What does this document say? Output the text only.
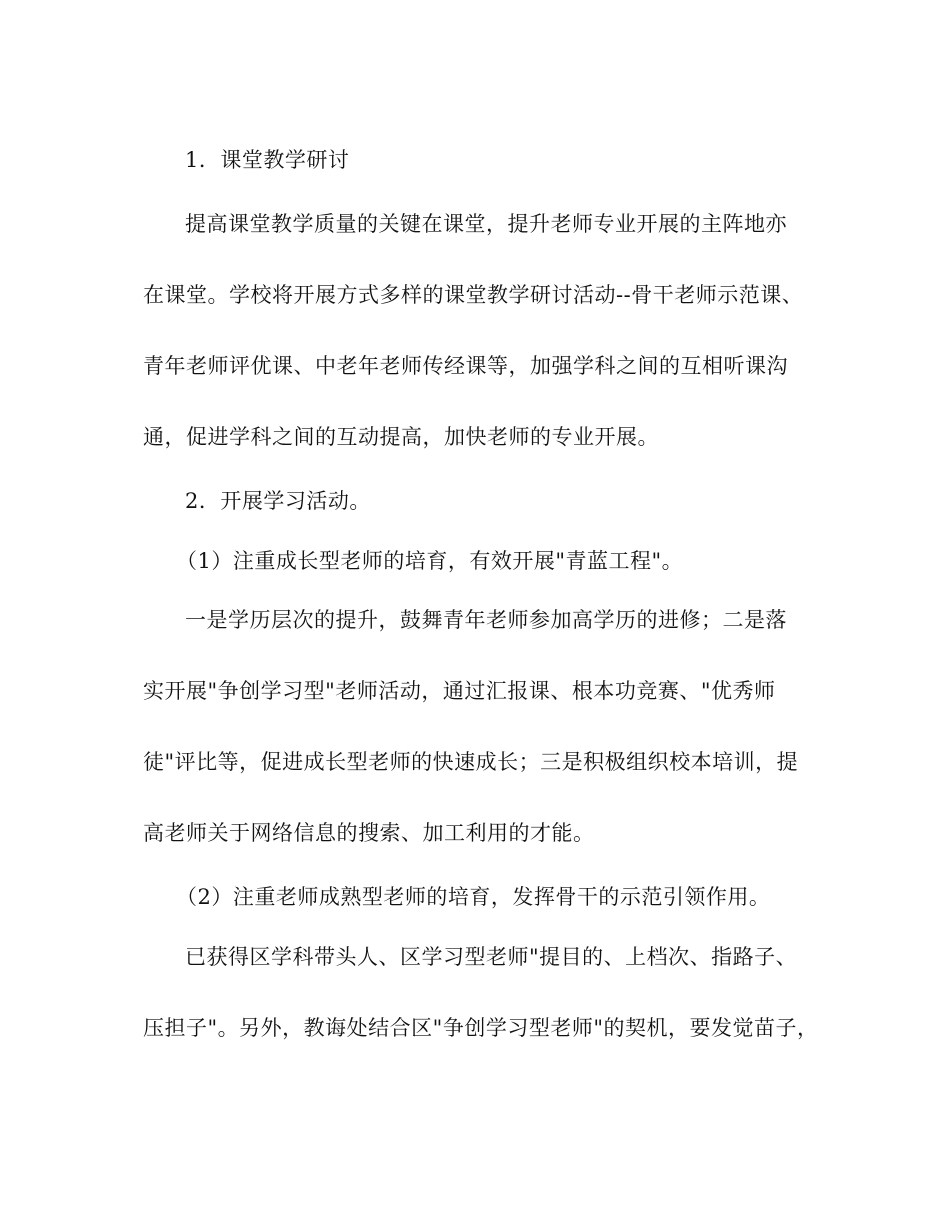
1．课堂教学研讨
提高课堂教学质量的关键在课堂，提升老师专业开展的主阵地亦
在课堂。学校将开展方式多样的课堂教学研讨活动--骨干老师示范课、
青年老师评优课、中老年老师传经课等，加强学科之间的互相听课沟
通，促进学科之间的互动提高，加快老师的专业开展。
2．开展学习活动。
（1）注重成长型老师的培育，有效开展"青蓝工程"。
一是学历层次的提升，鼓舞青年老师参加高学历的进修；二是落
实开展"争创学习型"老师活动，通过汇报课、根本功竞赛、"优秀师
徒"评比等，促进成长型老师的快速成长；三是积极组织校本培训，提
高老师关于网络信息的搜索、加工利用的才能。
（2）注重老师成熟型老师的培育，发挥骨干的示范引领作用。
已获得区学科带头人、区学习型老师"提目的、上档次、指路子、
压担子"。另外，教诲处结合区"争创学习型老师"的契机，要发觉苗子，
